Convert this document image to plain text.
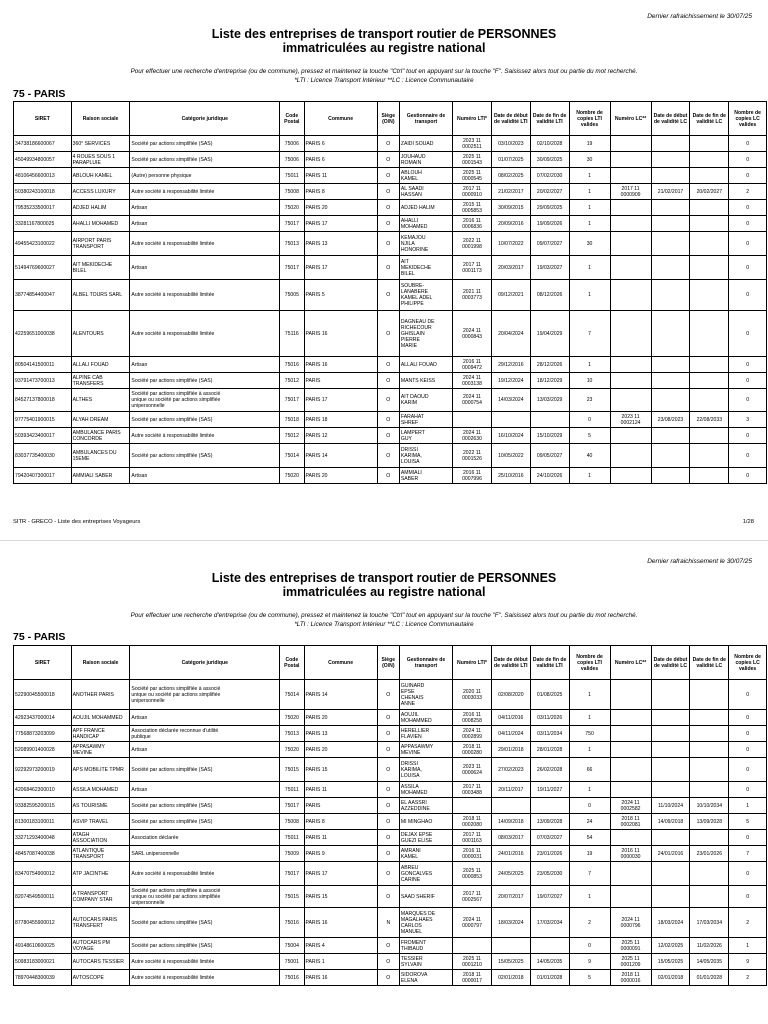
Dernier rafraichissement le 30/07/25
Liste des entreprises de transport routier de PERSONNES
immatriculées au registre national
Pour effectuer une recherche d'entreprise (ou de commune), pressez et maintenez la touche "Ctrl" tout en appuyant sur la touche "F". Saisissez alors tout ou partie du mot recherché.
*LTI : Licence Transport Intérieur **LC : Licence Communautaire
75 - PARIS
SIRET	Raison sociale	Catégorie juridique	Code Postal	Commune	Siège (O/N)	Gestionnaire de transport	Numéro LTI*	Date de début de validité LTI	Date de fin de validité LTI	Nombre de copies LTI valides	Numéro LC**	Date de début de validité LC	Date de fin de validité LC	Nombre de copies LC valides
34738186600067	360° SERVICES	Société par actions simplifiée (SAS)	75006	PARIS 6	O	ZAIDI SOUAD	2023 11
0002511	03/10/2023	02/10/2028	19				0
45049934800057	4 ROUES SOUS 1
PARAPLUIE	Société par actions simplifiée (SAS)	75006	PARIS 6	O	JOUHAUD
ROMAIN	2025 11
0001543	01/07/2025	30/09/2025	30				0
48106456600013	ABLOUH KAMEL	(Autre) personne physique	75011	PARIS 11	O	ABLOUH
KAMEL	2025 11
0000545	08/02/2025	07/02/2030	1				0
50380243100018	ACCESS LUXURY	Autre société à responsabilité limitée	75008	PARIS 8	O	AL SAADI
HASSAN	2017 11
0000910	21/02/2017	20/02/2027	1	2017 11
0000909	21/02/2017	20/02/2027	2
79535233500017	ADJED HALIM	Artisan	75020	PARIS 20	O	ADJED HALIM	2015 11
0005853	30/09/2015	29/09/2025	1				0
33281167800025	AHALLI MOHAMED	Artisan	75017	PARIS 17	O	AHALLI
MOHAMED	2016 11
0006836	20/09/2016	19/09/2026	1				0
49455423100022	AIRPORT PARIS
TRANSPORT	Autre société à responsabilité limitée	75013	PARIS 13	O	KEMAJOU
NJILA
HONORINE	2022 11
0001998	10/07/2022	09/07/2027	30				0
51494769600027	AIT MEKIDECHE
BILEL	Artisan	75017	PARIS 17	O	AIT
MEKIDECHE
BILEL	2017 11
0001173	20/03/2017	19/03/2027	1				0
38774854400047	ALBEL TOURS SARL	Autre société à responsabilité limitée	75005	PARIS 5	O	SOUBRE-
LANABERE
KAMEL ADEL
PHILIPPE	2021 11
0003773	09/12/2021	08/12/2026	1				0
42259651000038	ALENTOURS	Autre société à responsabilité limitée	75116	PARIS 16	O	DAGNEAU DE
RICHECOUR
GHISLAIN
PIERRE
MARIE	2024 11
0000843	20/04/2024	19/04/2029	7				0
80504141500011	ALLALI FOUAD	Artisan	75016	PARIS 16	O	ALLALI FOUAD	2016 11
0009472	29/12/2016	28/12/2026	1				0
93791473700013	ALPINE CAB
TRANSFERS	Société par actions simplifiée (SAS)	75012	PARIS	O	MANTS KEISS	2024 11
0003138	19/12/2024	18/12/2029	10				0
84527137800018	ALTHES	Société par actions simplifiée à associé
unique ou société par actions simplifiée
unipersonnelle	75017	PARIS 17	O	AIT DAOUD
KARIM	2024 11
0000754	14/03/2024	13/03/2029	23				0
97775401900015	ALYAH DREAM	Société par actions simplifiée (SAS)	75018	PARIS 18	O	FARAHAT
SHREF				0	2023 11
0002124	23/08/2023	22/08/2033	3
50393423400017	AMBULANCE PARIS
CONCORDE	Autre société à responsabilité limitée	75012	PARIS 12	O	LAMPERT
GUY	2024 11
0002630	16/10/2024	15/10/2029	5				0
83037735400030	AMBULANCES DU
15EME	Société par actions simplifiée (SAS)	75014	PARIS 14	O	DRISSI
KARIMA,
LOUISA	2022 11
0001526	10/05/2022	09/05/2027	40				0
79420407300017	AMMIALI SABER	Artisan	75020	PARIS 20	O	AMMIALI
SABER	2016 11
0007996	25/10/2016	24/10/2026	1				0
SITR - GRECO - Liste des entreprises Voyageurs	1/28
Dernier rafraichissement le 30/07/25
Liste des entreprises de transport routier de PERSONNES
immatriculées au registre national
Pour effectuer une recherche d'entreprise (ou de commune), pressez et maintenez la touche "Ctrl" tout en appuyant sur la touche "F". Saisissez alors tout ou partie du mot recherché.
*LTI : Licence Transport Intérieur **LC : Licence Communautaire
75 - PARIS
SIRET	Raison sociale	Catégorie juridique	Code Postal	Commune	Siège (O/N)	Gestionnaire de transport	Numéro LTI*	Date de début de validité LTI	Date de fin de validité LTI	Nombre de copies LTI valides	Numéro LC**	Date de début de validité LC	Date de fin de validité LC	Nombre de copies LC valides
52290045500018	ANOTHER PARIS	Société par actions simplifiée à associé
unique ou société par actions simplifiée
unipersonnelle	75014	PARIS 14	O	GUINARD
EPSE
CHENAIS
ANNE	2020 11
0003033	02/08/2020	01/08/2025	1				0
42923437000014	AOUJIL MOHAMMED	Artisan	75020	PARIS 20	O	AOUJIL
MOHAMMED	2016 11
0008258	04/11/2016	03/11/2026	1				0
77568873203099	APF FRANCE
HANDICAP	Association déclarée reconnue d'utilité
publique	75013	PARIS 13	O	HERELLIER
FLAVIEN	2024 11
0002899	04/11/2024	03/11/2034	750				0
52089901400028	APPASAWMY
MEVINE	Artisan	75020	PARIS 20	O	APPASAWMY
MEVINE	2018 11
0000280	29/01/2018	28/01/2028	1				0
92292973200019	APS MOBILITE TPMR	Société par actions simplifiée (SAS)	75015	PARIS 15	O	DRISSI
KARIMA,
LOUISA	2023 11
0000624	27/02/2023	26/02/2028	66				0
42068462300010	ASSILA MOHAMED	Artisan	75011	PARIS 11	O	ASSILA
MOHAMED	2017 11
0003488	20/11/2017	19/11/2027	1				0
93382595200015	AS TOURISME	Société par actions simplifiée (SAS)	75017	PARIS	O	EL AASSRI
AZZEDDINE				0	2024 11
0002582	11/10/2024	10/10/2034	1
81300183100011	ASVIP TRAVEL	Société par actions simplifiée (SAS)	75008	PARIS 8	O	MI MINGHAO	2018 11
0002080	14/09/2018	13/09/2028	24	2018 11
0002081	14/09/2018	13/09/2028	5
33271293400048	ATAGH
ASSOCIATION	Association déclarée	75011	PARIS 11	O	DEJAX EPSE
GUEZI ELISE	2017 11
0001163	08/03/2017	07/03/2027	54				0
48457087400038	ATLANTIQUE
TRANSPORT	SARL unipersonnelle	75009	PARIS 9	O	AMRANI
KAMEL	2016 11
0000031	24/01/2016	23/01/2026	19	2016 11
0000030	24/01/2016	23/01/2026	7
83470754900012	ATP JACINTHE	Autre société à responsabilité limitée	75017	PARIS 17	O	ABREU
GONCALVES
CARINE	2025 11
0000853	24/05/2025	23/05/2030	7				0
82074549500011	A TRANSPORT
COMPANY STAR	Société par actions simplifiée à associé
unique ou société par actions simplifiée
unipersonnelle	75015	PARIS 15	O	SAAD SHERIF	2017 11
0002567	20/07/2017	19/07/2027	1				0
87780455900012	AUTOCARS PARIS
TRANSFERT	Société par actions simplifiée (SAS)	75016	PARIS 16	N	MARQUES DE
MAGALHAES
CARLOS
MANUEL	2024 11
0000797	18/03/2024	17/03/2034	2	2024 11
0000796	18/03/2024	17/03/2034	2
49148610600025	AUTOCARS PM
VOYAGE	Société par actions simplifiée (SAS)	75004	PARIS 4	O	FROMENT
THIBAUD				0	2025 11
0000091	12/02/2025	11/02/2026	1
50983183000021	AUTOCARS TESSIER	Autre société à responsabilité limitée	75001	PARIS 1	O	TESSIER
SYLVAIN	2025 11
0001210	15/05/2025	14/05/2035	9	2025 11
0001209	15/05/2025	14/05/2035	9
78970448300039	AVTOSCOPE	Autre société à responsabilité limitée	75016	PARIS 16	O	SIDOROVA
ELENA	2018 11
0000017	02/01/2018	01/01/2028	5	2018 11
0000016	02/01/2018	01/01/2028	2
